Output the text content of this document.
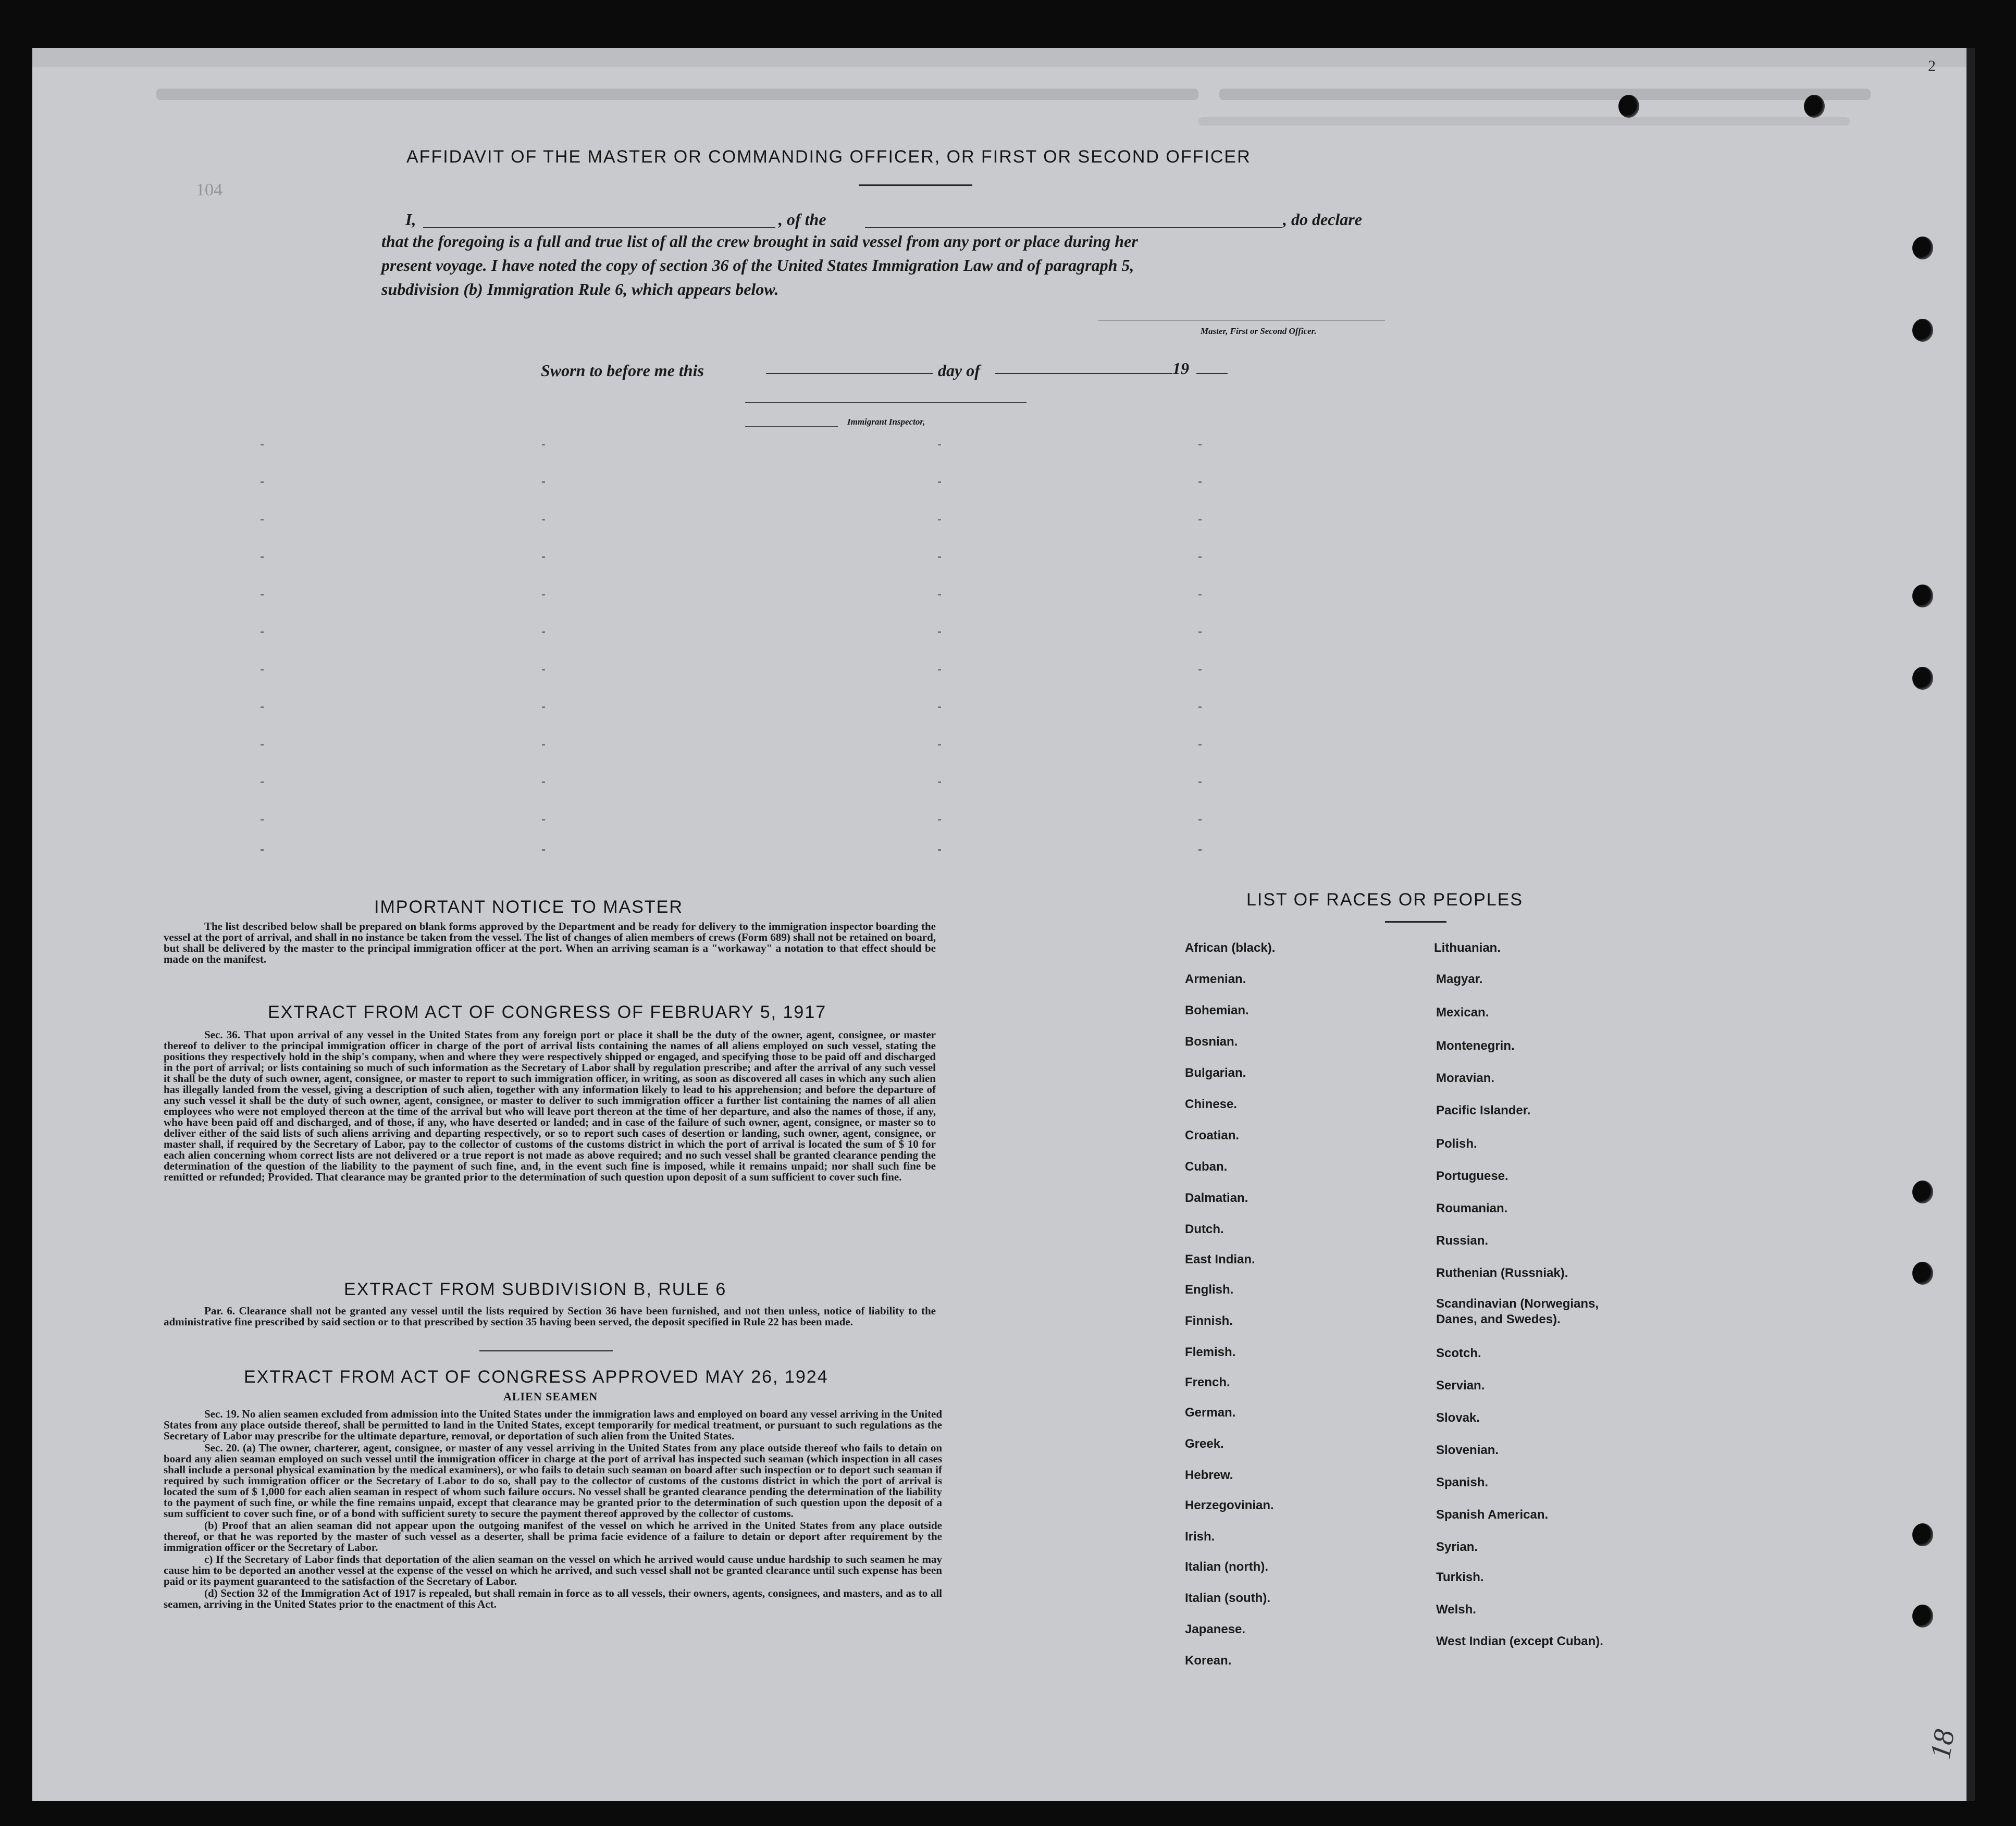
104
2
AFFIDAVIT OF THE MASTER OR COMMANDING OFFICER, OR FIRST OR SECOND OFFICER
I,	, of the	, do declare
that the foregoing is a full and true list of all the crew brought in said vessel from any port or place during her
present voyage. I have noted the copy of section 36 of the United States Immigration Law and of paragraph 5,
subdivision (b) Immigration Rule 6, which appears below.
Master, First or Second Officer.
Sworn to before me this	day of	19
Immigrant Inspector,
IMPORTANT NOTICE TO MASTER
The list described below shall be prepared on blank forms approved by the Department and be ready for delivery to the immigration inspector boarding the vessel at the port of arrival, and shall in no instance be taken from the vessel. The list of changes of alien members of crews (Form 689) shall not be retained on board, but shall be delivered by the master to the principal immigration officer at the port. When an arriving seaman is a "workaway" a notation to that effect should be made on the manifest.
EXTRACT FROM ACT OF CONGRESS OF FEBRUARY 5, 1917
Sec. 36. That upon arrival of any vessel in the United States from any foreign port or place it shall be the duty of the owner, agent, consignee, or master thereof to deliver to the principal immigration officer in charge of the port of arrival lists containing the names of all aliens employed on such vessel, stating the positions they respectively hold in the ship's company, when and where they were respectively shipped or engaged, and specifying those to be paid off and discharged in the port of arrival; or lists containing so much of such information as the Secretary of Labor shall by regulation prescribe; and after the arrival of any such vessel it shall be the duty of such owner, agent, consignee, or master to report to such immigration officer, in writing, as soon as discovered all cases in which any such alien has illegally landed from the vessel, giving a description of such alien, together with any information likely to lead to his apprehension; and before the departure of any such vessel it shall be the duty of such owner, agent, consignee, or master to deliver to such immigration officer a further list containing the names of all alien employees who were not employed thereon at the time of the arrival but who will leave port thereon at the time of her departure, and also the names of those, if any, who have been paid off and discharged, and of those, if any, who have deserted or landed; and in case of the failure of such owner, agent, consignee, or master so to deliver either of the said lists of such aliens arriving and departing respectively, or so to report such cases of desertion or landing, such owner, agent, consignee, or master shall, if required by the Secretary of Labor, pay to the collector of customs of the customs district in which the port of arrival is located the sum of $ 10 for each alien concerning whom correct lists are not delivered or a true report is not made as above required; and no such vessel shall be granted clearance pending the determination of the question of the liability to the payment of such fine, and, in the event such fine is imposed, while it remains unpaid; nor shall such fine be remitted or refunded; Provided. That clearance may be granted prior to the determination of such question upon deposit of a sum sufficient to cover such fine.
EXTRACT FROM SUBDIVISION B, RULE 6
Par. 6. Clearance shall not be granted any vessel until the lists required by Section 36 have been furnished, and not then unless, notice of liability to the administrative fine prescribed by said section or to that prescribed by section 35 having been served, the deposit specified in Rule 22 has been made.
EXTRACT FROM ACT OF CONGRESS APPROVED MAY 26, 1924
ALIEN SEAMEN

Sec. 19. No alien seamen excluded from admission into the United States under the immigration laws and employed on board any vessel arriving in the United States from any place outside thereof, shall be permitted to land in the United States, except temporarily for medical treatment, or pursuant to such regulations as the Secretary of Labor may prescribe for the ultimate departure, removal, or deportation of such alien from the United States.

Sec. 20. (a) The owner, charterer, agent, consignee, or master of any vessel arriving in the United States from any place outside thereof who fails to detain on board any alien seaman employed on such vessel until the immigration officer in charge at the port of arrival has inspected such seaman (which inspection in all cases shall include a personal physical examination by the medical examiners), or who fails to detain such seaman on board after such inspection or to deport such seaman if required by such immigration officer or the Secretary of Labor to do so, shall pay to the collector of customs of the customs district in which the port of arrival is located the sum of $ 1,000 for each alien seaman in respect of whom such failure occurs. No vessel shall be granted clearance pending the determination of the liability to the payment of such fine, or while the fine remains unpaid, except that clearance may be granted prior to the determination of such question upon the deposit of a sum sufficient to cover such fine, or of a bond with sufficient surety to secure the payment thereof approved by the collector of customs.

(b) Proof that an alien seaman did not appear upon the outgoing manifest of the vessel on which he arrived in the United States from any place outside thereof, or that he was reported by the master of such vessel as a deserter, shall be prima facie evidence of a failure to detain or deport after requirement by the immigration officer or the Secretary of Labor.

c) If the Secretary of Labor finds that deportation of the alien seaman on the vessel on which he arrived would cause undue hardship to such seamen he may cause him to be deported an another vessel at the expense of the vessel on which he arrived, and such vessel shall not be granted clearance until such expense has been paid or its payment guaranteed to the satisfaction of the Secretary of Labor.

(d) Section 32 of the Immigration Act of 1917 is repealed, but shall remain in force as to all vessels, their owners, agents, consignees, and masters, and as to all seamen, arriving in the United States prior to the enactment of this Act.

LIST OF RACES OR PEOPLES
African (black).
Armenian.
Bohemian.
Bosnian.
Bulgarian.
Chinese.
Croatian.
Cuban.
Dalmatian.
Dutch.
East Indian.
English.
Finnish.
Flemish.
French.
German.
Greek.
Hebrew.
Herzegovinian.
Irish.
Italian (north).
Italian (south).
Japanese.
Korean.
Lithuanian.
Magyar.
Mexican.
Montenegrin.
Moravian.
Pacific Islander.
Polish.
Portuguese.
Roumanian.
Russian.
Ruthenian (Russniak).
Scandinavian (Norwegians, Danes, and Swedes).
Scotch.
Servian.
Slovak.
Slovenian.
Spanish.
Spanish American.
Syrian.
Turkish.
Welsh.
West Indian (except Cuban).
18
